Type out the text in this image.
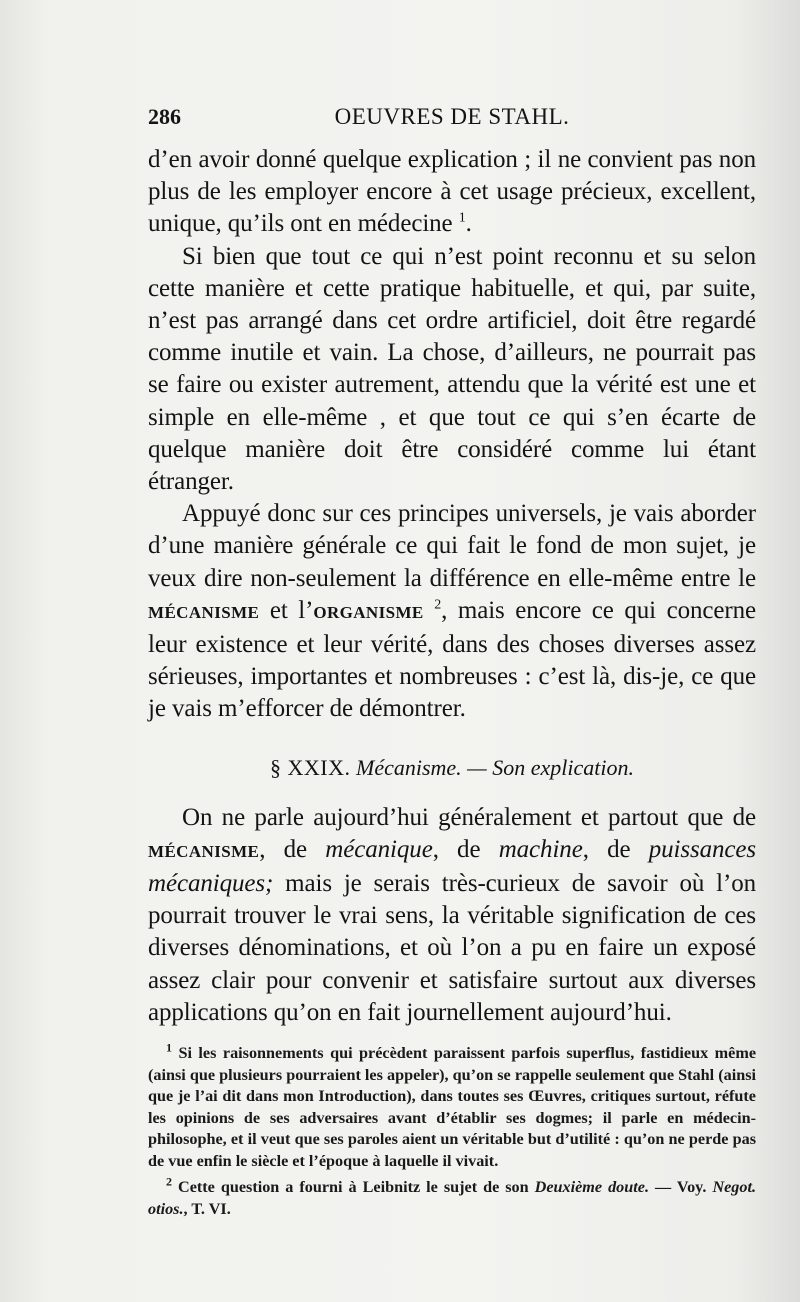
286	OEUVRES DE STAHL.

d’en avoir donné quelque explication ; il ne convient pas non plus de les employer encore à cet usage précieux, excellent, unique, qu’ils ont en médecine $^1$.

Si bien que tout ce qui n’est point reconnu et su selon cette manière et cette pratique habituelle, et qui, par suite, n’est pas arrangé dans cet ordre artificiel, doit être regardé comme inutile et vain. La chose, d’ailleurs, ne pourrait pas se faire ou exister autrement, attendu que la vérité est une et simple en elle-même , et que tout ce qui s’en écarte de quelque manière doit être considéré comme lui étant étranger.

Appuyé donc sur ces principes universels, je vais aborder d’une manière générale ce qui fait le fond de mon sujet, je veux dire non-seulement la différence en elle-même entre le MÉCANISME et l’ORGANISME $^2$, mais encore ce qui concerne leur existence et leur vérité, dans des choses diverses assez sérieuses, importantes et nombreuses : c’est là, dis-je, ce que je vais m’efforcer de démontrer.

§ XXIX. Mécanisme. — Son explication.

On ne parle aujourd’hui généralement et partout que de MÉCANISME, de mécanique, de machine, de puissances mécaniques; mais je serais très-curieux de savoir où l’on pourrait trouver le vrai sens, la véritable signification de ces diverses dénominations, et où l’on a pu en faire un exposé assez clair pour convenir et satisfaire surtout aux diverses applications qu’on en fait journellement aujourd’hui.

$^1$ Si les raisonnements qui précèdent paraissent parfois superflus, fastidieux même (ainsi que plusieurs pourraient les appeler), qu’on se rappelle seulement que Stahl (ainsi que je l’ai dit dans mon Introduction), dans toutes ses Œuvres, critiques surtout, réfute les opinions de ses adversaires avant d’établir ses dogmes; il parle en médecin-philosophe, et il veut que ses paroles aient un véritable but d’utilité : qu’on ne perde pas de vue enfin le siècle et l’époque à laquelle il vivait.

$^2$ Cette question a fourni à Leibnitz le sujet de son Deuxième doute. — Voy. Negot. otios., T. VI.
